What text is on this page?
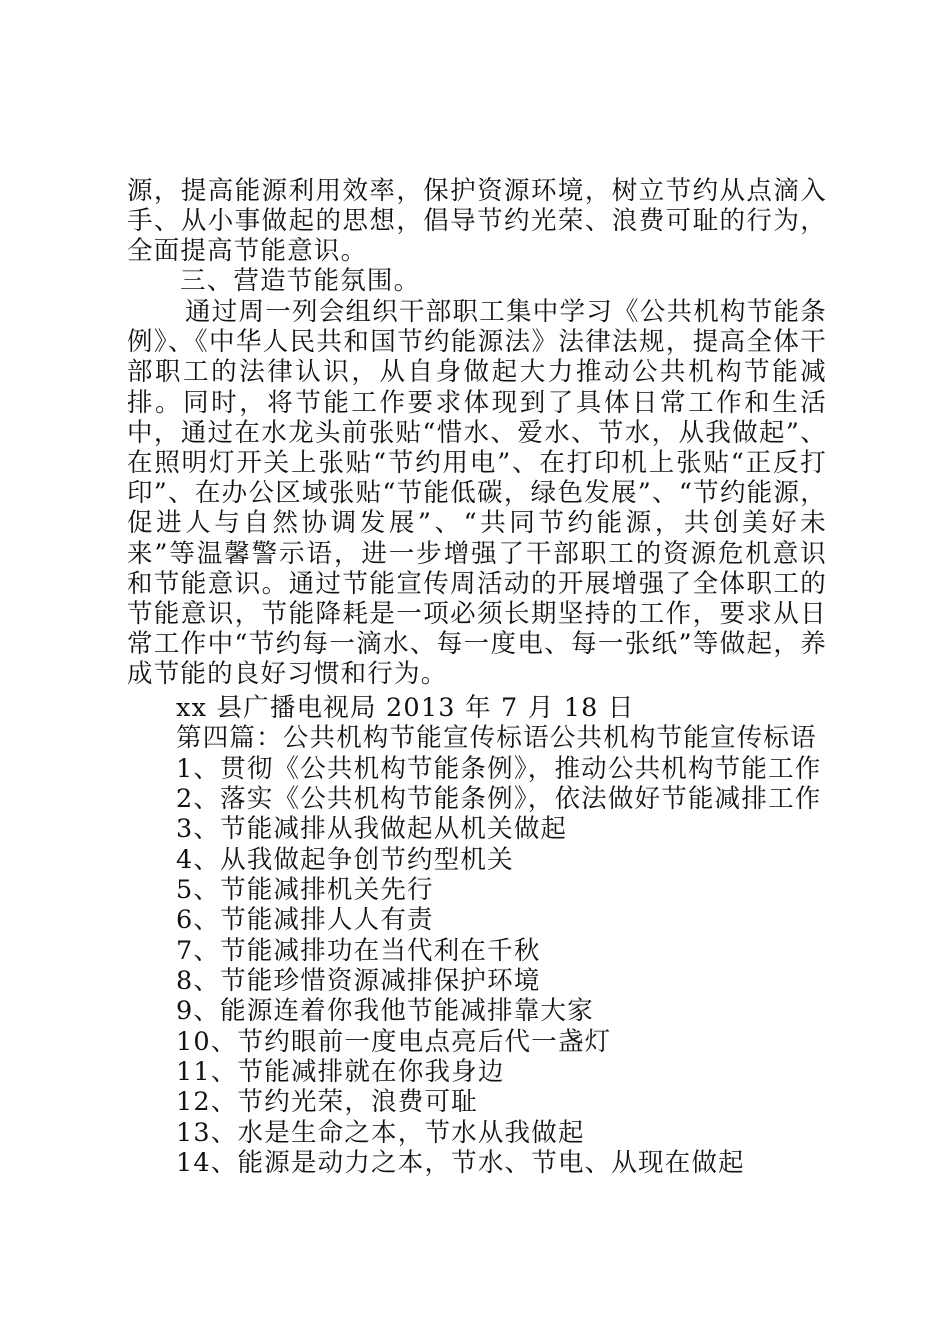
源，提高能源利用效率，保护资源环境，树立节约从点滴入手、从小事做起的思想，倡导节约光荣、浪费可耻的行为，全面提高节能意识。

三、营造节能氛围。

通过周一列会组织干部职工集中学习《公共机构节能条例》、《中华人民共和国节约能源法》法律法规，提高全体干部职工的法律认识，从自身做起大力推动公共机构节能减排。同时，将节能工作要求体现到了具体日常工作和生活中，通过在水龙头前张贴“惜水、爱水、节水，从我做起”、在照明灯开关上张贴“节约用电”、在打印机上张贴“正反打印”、在办公区域张贴“节能低碳，绿色发展”、“节约能源，促进人与自然协调发展”、“共同节约能源，共创美好未来”等温馨警示语，进一步增强了干部职工的资源危机意识和节能意识。通过节能宣传周活动的开展增强了全体职工的节能意识，节能降耗是一项必须长期坚持的工作，要求从日常工作中“节约每一滴水、每一度电、每一张纸”等做起，养成节能的良好习惯和行为。

xx 县广播电视局 2013 年 7 月 18 日

第四篇：公共机构节能宣传标语公共机构节能宣传标语

1、贯彻《公共机构节能条例》，推动公共机构节能工作

2、落实《公共机构节能条例》，依法做好节能减排工作

3、节能减排从我做起从机关做起

4、从我做起争创节约型机关

5、节能减排机关先行

6、节能减排人人有责

7、节能减排功在当代利在千秋

8、节能珍惜资源减排保护环境

9、能源连着你我他节能减排靠大家

10、节约眼前一度电点亮后代一盏灯

11、节能减排就在你我身边

12、节约光荣，浪费可耻

13、水是生命之本，节水从我做起

14、能源是动力之本，节水、节电、从现在做起
